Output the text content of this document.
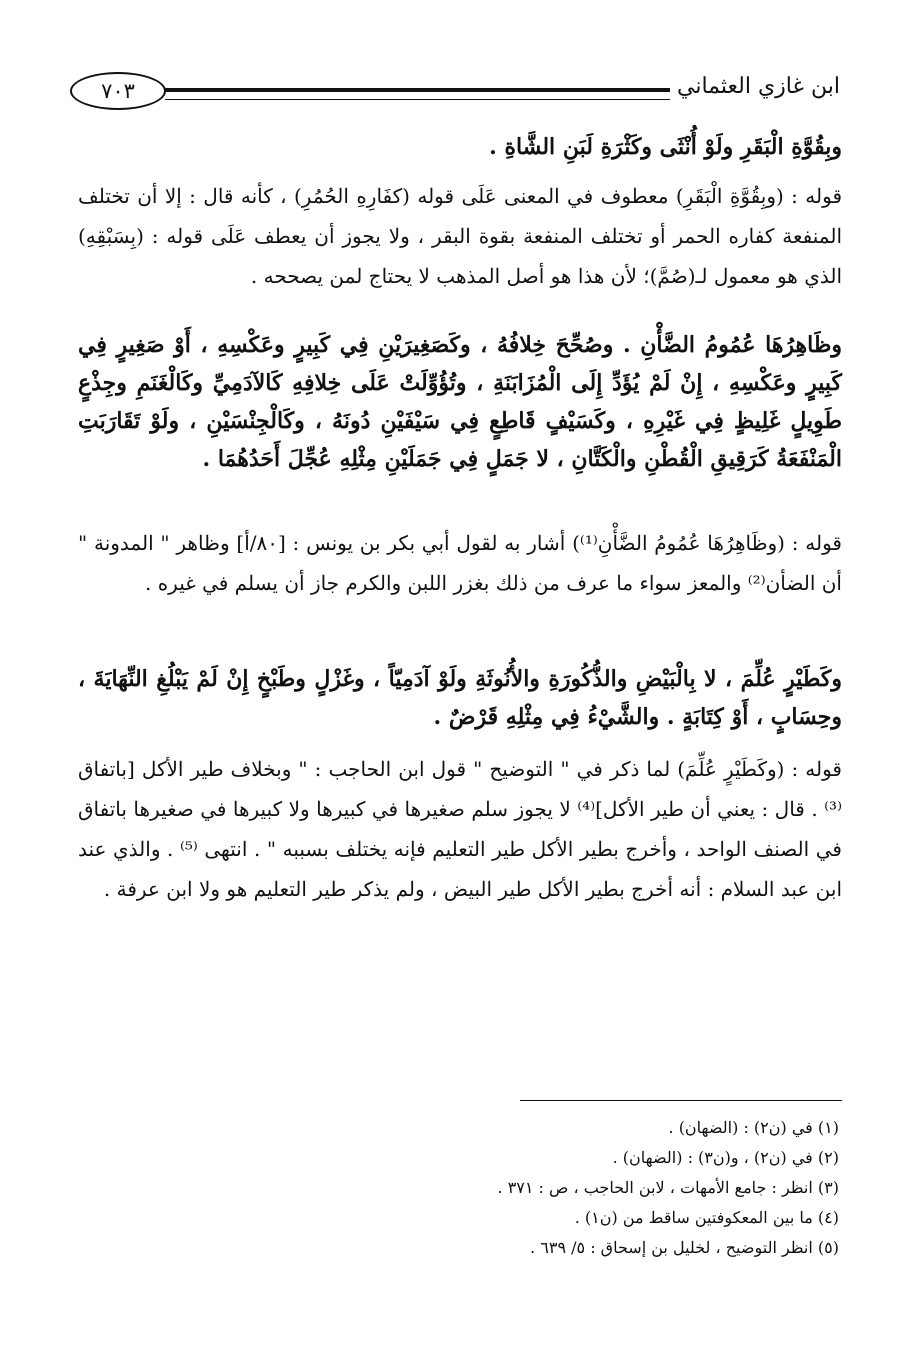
ابن غازي العثماني
٧٠٣

وبِقُوَّةِ الْبَقَرِ ولَوْ أُنْثَى وكَثْرَةِ لَبَنِ الشَّاةِ .

قوله : (وبِقُوَّةِ الْبَقَرِ) معطوف في المعنى عَلَى قوله (كفَارِهِ الحُمُرِ) ، كأنه قال : إلا أن تختلف المنفعة كفاره الحمر أو تختلف المنفعة بقوة البقر ، ولا يجوز أن يعطف عَلَى قوله : (بِسَبْقِهِ) الذي هو معمول لـ(صُمَّ)؛ لأن هذا هو أصل المذهب لا يحتاج لمن يصححه .

وظَاهِرُهَا عُمُومُ الضَّأْنِ . وصُحِّحَ خِلافُهُ ، وكَصَغِيرَيْنِ فِي كَبِيرٍ وعَكْسِهِ ، أَوْ صَغِيرٍ فِي كَبِيرٍ وعَكْسِهِ ، إِنْ لَمْ يُؤَدِّ إِلَى الْمُزَابَنَةِ ، وتُؤُوِّلَتْ عَلَى خِلافِهِ كَالآدَمِيِّ وكَالْغَنَمِ وجِذْعٍ طَوِيلٍ غَلِيظٍ فِي غَيْرِهِ ، وكَسَيْفٍ قَاطِعٍ فِي سَيْفَيْنِ دُونَهُ ، وكَالْجِنْسَيْنِ ، ولَوْ تَقَارَبَتِ الْمَنْفَعَةُ كَرَقِيقِ الْقُطْنِ والْكَتَّانِ ، لا جَمَلٍ فِي جَمَلَيْنِ مِثْلِهِ عُجِّلَ أَحَدُهُمَا .

قوله : (وظَاهِرُهَا عُمُومُ الضَّأْنِ⁽¹⁾) أشار به لقول أبي بكر بن يونس : [٨٠/أ] وظاهر " المدونة " أن الضأن⁽²⁾ والمعز سواء ما عرف من ذلك بغزر اللبن والكرم جاز أن يسلم في غيره .

وكَطَيْرٍ عُلِّمَ ، لا بِالْبَيْضِ والذُّكُورَةِ والأُنُوثَةِ ولَوْ آدَمِيّاً ، وغَزْلٍ وطَبْخٍ إِنْ لَمْ يَبْلُغِ النِّهَايَةَ ، وحِسَابٍ ، أَوْ كِتَابَةٍ . والشَّيْءُ فِي مِثْلِهِ قَرْضٌ .

قوله : (وكَطَيْرٍ عُلِّمَ) لما ذكر في " التوضيح " قول ابن الحاجب : " وبخلاف طير الأكل [باتفاق ⁽³⁾ . قال : يعني أن طير الأكل]⁽⁴⁾ لا يجوز سلم صغيرها في كبيرها ولا كبيرها في صغيرها باتفاق في الصنف الواحد ، وأخرج بطير الأكل طير التعليم فإنه يختلف بسببه " . انتهى ⁽⁵⁾ . والذي عند ابن عبد السلام : أنه أخرج بطير الأكل طير البيض ، ولم يذكر طير التعليم هو ولا ابن عرفة .

(١) في (ن٢) : (الضهان) .
(٢) في (ن٢) ، و(ن٣) : (الضهان) .
(٣) انظر : جامع الأمهات ، لابن الحاجب ، ص : ٣٧١ .
(٤) ما بين المعكوفتين ساقط من (ن١) .
(٥) انظر التوضيح ، لخليل بن إسحاق : ٥/ ٦٣٩ .
